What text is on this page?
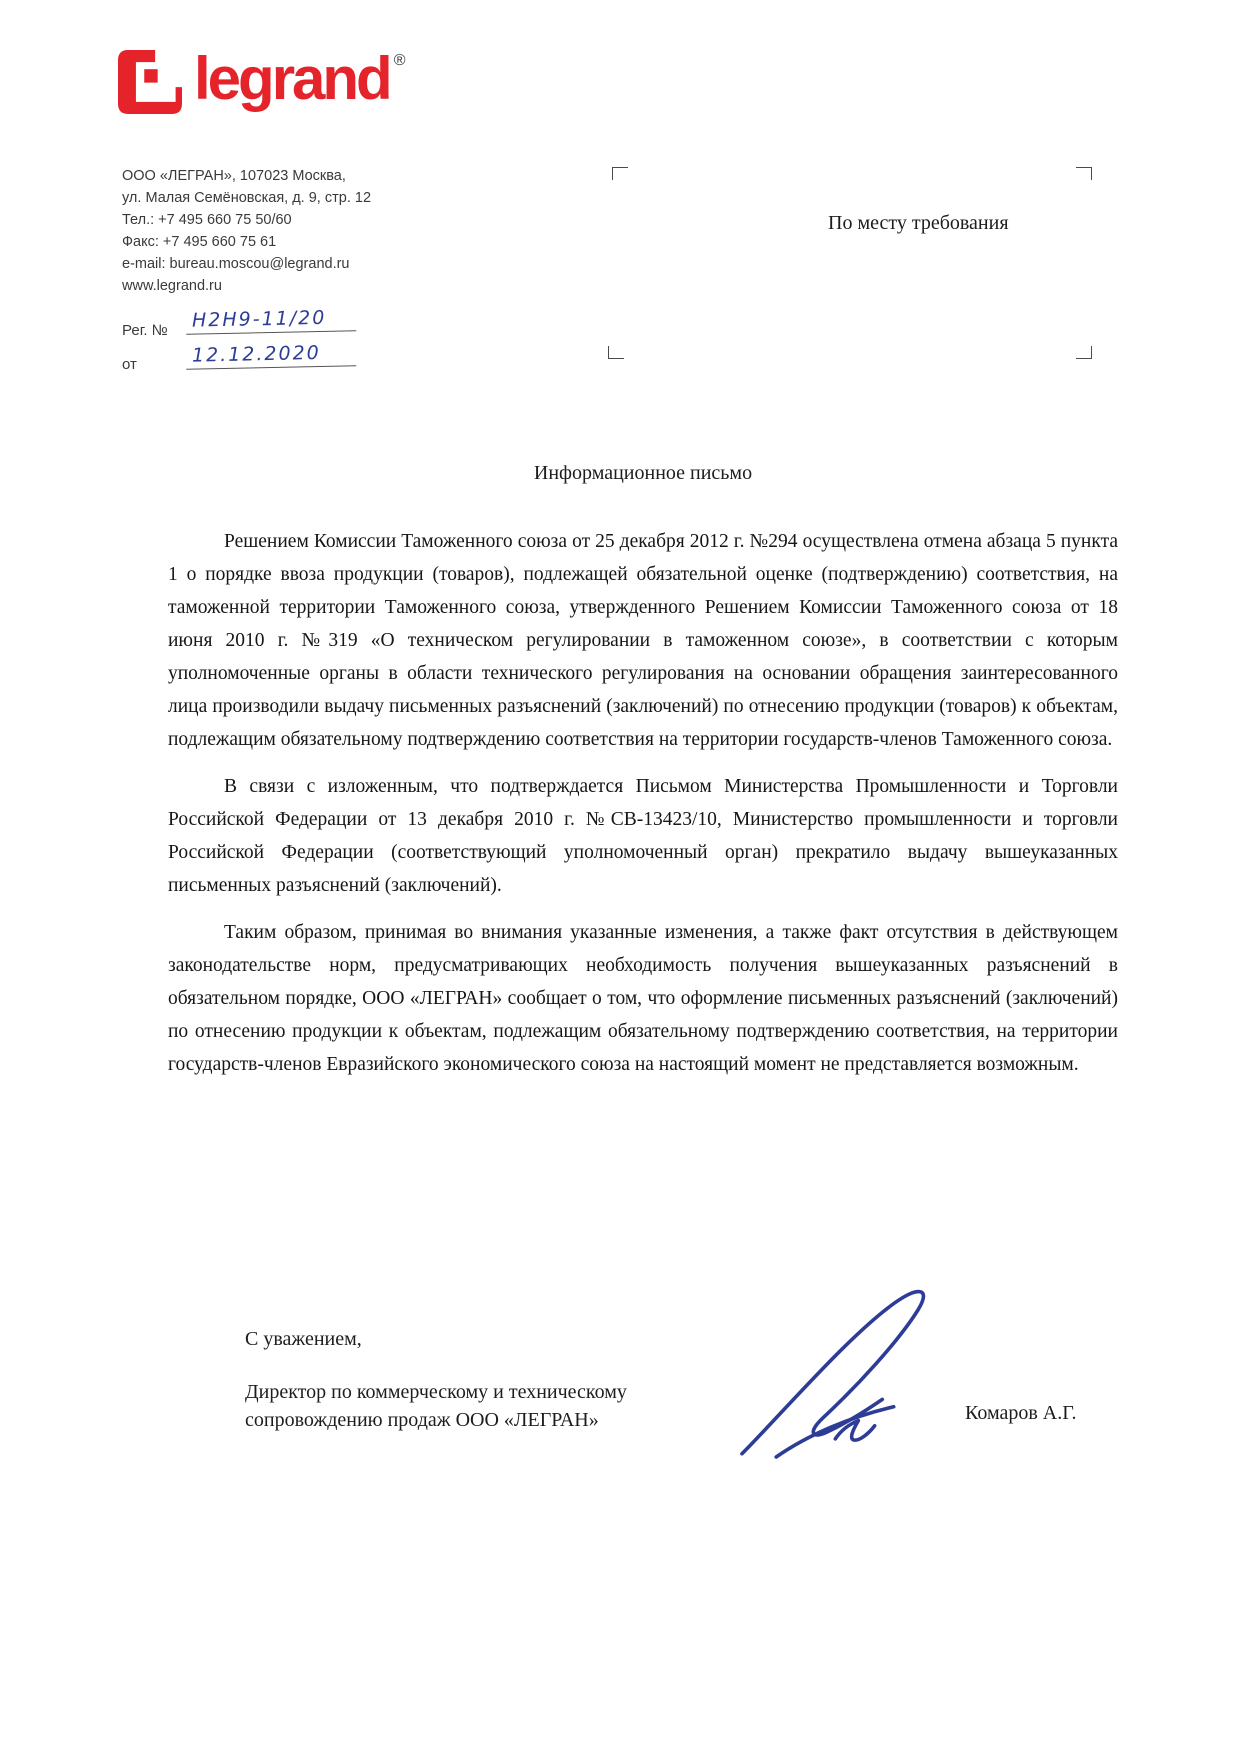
legrand ®
ООО «ЛЕГРАН», 107023 Москва,
ул. Малая Семёновская, д. 9, стр. 12
Тел.: +7 495 660 75 50/60
Факс: +7 495 660 75 61
e-mail: bureau.moscou@legrand.ru
www.legrand.ru
По месту требования
Рег. №	Н2Н9-11/20
от	12.12.2020
Информационное письмо

Решением Комиссии Таможенного союза от 25 декабря 2012 г. №294 осуществлена отмена абзаца 5 пункта 1 о порядке ввоза продукции (товаров), подлежащей обязательной оценке (подтверждению) соответствия, на таможенной территории Таможенного союза, утвержденного Решением Комиссии Таможенного союза от 18 июня 2010 г. №319 «О техническом регулировании в таможенном союзе», в соответствии с которым уполномоченные органы в области технического регулирования на основании обращения заинтересованного лица производили выдачу письменных разъяснений (заключений) по отнесению продукции (товаров) к объектам, подлежащим обязательному подтверждению соответствия на территории государств-членов Таможенного союза.

В связи с изложенным, что подтверждается Письмом Министерства Промышленности и Торговли Российской Федерации от 13 декабря 2010 г. №СВ-13423/10, Министерство промышленности и торговли Российской Федерации (соответствующий уполномоченный орган) прекратило выдачу вышеуказанных письменных разъяснений (заключений).

Таким образом, принимая во внимания указанные изменения, а также факт отсутствия в действующем законодательстве норм, предусматривающих необходимость получения вышеуказанных разъяснений в обязательном порядке, ООО «ЛЕГРАН» сообщает о том, что оформление письменных разъяснений (заключений) по отнесению продукции к объектам, подлежащим обязательному подтверждению соответствия, на территории государств-членов Евразийского экономического союза на настоящий момент не представляется возможным.

С уважением,
Директор по коммерческому и техническому
сопровождению продаж ООО «ЛЕГРАН»	Комаров А.Г.
